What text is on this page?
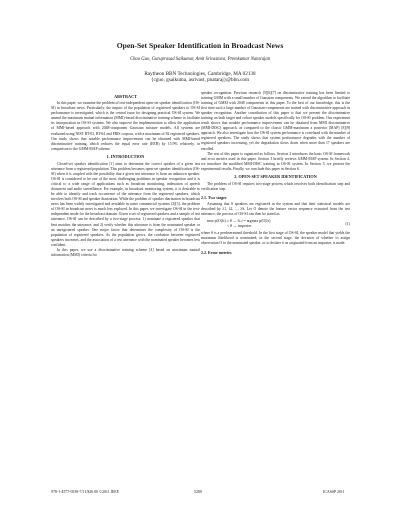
Open-Set Speaker Identification in Broadcast News
Chao Guo, Guruprasad Saikumar, Amit Srivastava, Premkumar Natarajan
Raytheon BBN Technologies, Cambridge, MA 02138
{cguo, gsaikuma, asrivast, pnataraj}@bbn.com
ABSTRACT

In this paper, we examine the problem of text-independent open-set speaker identification (OS-SI) in broadcast news. Particularly, the impact of the population of registered speakers to OS-SI performance is investigated, which is the central issue for designing practical OS-SI system. We amend the maximum mutual information (MMI)-based discriminative training scheme to facilitate its incorporation in OS-SI systems. We also improve the implementation to allow the application of MMI-based approach with 2048-component Gaussian mixture models. All systems are evaluated using NIST RT-03, RT-04 and FBIS corpora, with a maximum of 82 registered speakers. Our study shows that notable performance improvement can be obtained with MMI-based discriminative training, which reduces the equal error rate (EER) by 15.9% relatively, in comparison to the GMM-MAP scheme.

1. INTRODUCTION

Closed-set speaker identification [1] aims to determine the correct speaker of a given test utterance from a registered population. This problem becomes open-set speaker identification (OS-SI) when it is coupled with the possibility that a given test utterance is from an unknown speaker. OS-SI is considered to be one of the most challenging problems in speaker recognition and it is critical to a wide range of applications such as broadcast monitoring, indexation of speech document and audio surveillance. For example, in broadcast monitoring system, it is desirable to be able to identify and track occurrence of the utterance from the registered speakers, which involves both OS-SI and speaker diarization. While the problem of speaker diarization in broadcast news has been widely investigated and available in some commercial systems [2][3], the problem of OS-SI in broadcast news is much less explored. In this paper, we investigate OS-SI in the text-independent mode for the broadcast domain. Given a set of registered speakers and a sample of test utterance, OS-SI can be described by a two-stage process: 1) nominate a registered speaker that best matches the utterance, and 2) verify whether this utterance is from the nominated speaker or an unregistered speaker. One major factor that determines the complexity of OS-SI is the population of registered speakers. As the population grows, the confusion between registered speakers increases, and the association of a test utterance with the nominated speaker becomes less confident.

In this paper, we use a discriminative training scheme [4] based on maximum mutual information (MMI) criteria for

speaker recognition. Previous research [5][6][7] on discriminative training has been limited to training GMM with a small number of Gaussian components. We extend the algorithm to facilitate training of GMM with 2048 components in this paper. To the best of our knowledge, this is the first time such a large number of Gaussian-components are trained with discriminative approach in speaker recognition. Another contribution of this paper is that we present the discriminative training on both target and cohort speaker models specifically for OS-SI problem. Our experiment result shows that notable performance improvement can be obtained from MMI discriminative (MMI-DISC) approach, as compared to the classic GMM-maximum a posterior (MAP) [8][9] approach. We also investigate how the OS-SI system performance is correlated with the number of registered speakers. The study shows that system performance degrades with the number of registered speakers increasing, yet the degradation slows down when more than 17 speakers are enrolled.

The rest of this paper is organized as follows. Section 2 introduces the basic OS-SI framework and error metrics used in this paper. Section 3 briefly reviews GMM-MAP system. In Section 4, we introduce the modified MMI-DISC training in OS-SI system. In Section 5, we present the experimental results. Finally, we conclude this paper in Section 6.

2. OPEN-SET SPEAKER IDENTIFICATION

The problem of OS-SI requires two-stage process which involves both identification step and verification step.

2.1. Two stages

Assuming that S speakers are registered in the system and that their statistical models are described by λ1, λ2, ..., λS. Let O denote the feature vector sequence extracted from the test utterance, the process of OS-SI can then be stated as

max p(O|λi) ≥ θ → λi,i = argmax p(O|λi)
< θ → imposter
(1)

where θ is a predetermined threshold. In the first stage of OS-SI, the speaker model that yields the maximum likelihood is nominated; in the second stage, the decision of whether to assign observation O to the nominated speaker, or to declare it as originated from an imposter, is made.

2.2. Error metries
978-1-4577-0539-7/11/$26.00 ©2011 IEEE	5280	ICASSP 2011
